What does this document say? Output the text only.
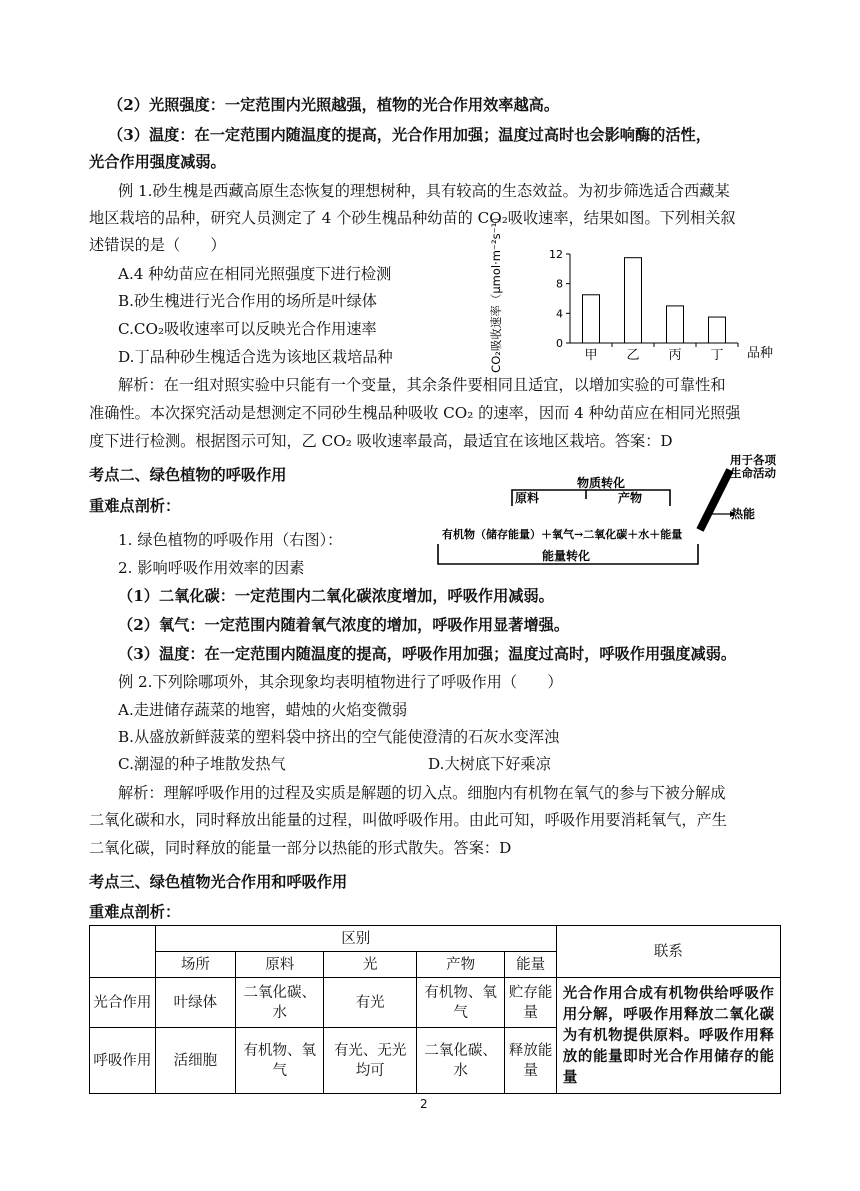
（2）光照强度：一定范围内光照越强，植物的光合作用效率越高。
（3）温度：在一定范围内随温度的提高，光合作用加强；温度过高时也会影响酶的活性，
光合作用强度减弱。
例 1.砂生槐是西藏高原生态恢复的理想树种，具有较高的生态效益。为初步筛选适合西藏某
地区栽培的品种，研究人员测定了 4 个砂生槐品种幼苗的 CO₂吸收速率，结果如图。下列相关叙
述错误的是（　　）
A.4 种幼苗应在相同光照强度下进行检测
B.砂生槐进行光合作用的场所是叶绿体
C.CO₂吸收速率可以反映光合作用速率
D.丁品种砂生槐适合选为该地区栽培品种	CO₂吸收速率（μmol·m⁻²s⁻¹）	0
4
8
12
甲 乙 丙 丁 品种
解析：在一组对照实验中只能有一个变量，其余条件要相同且适宜，以增加实验的可靠性和
准确性。本次探究活动是想测定不同砂生槐品种吸收 CO₂ 的速率，因而 4 种幼苗应在相同光照强
度下进行检测。根据图示可知，乙 CO₂ 吸收速率最高，最适宜在该地区栽培。答案：D
考点二、绿色植物的呼吸作用
重难点剖析：
1. 绿色植物的呼吸作用（右图）：
2. 影响呼吸作用效率的因素
（1）二氧化碳：一定范围内二氧化碳浓度增加，呼吸作用减弱。
（2）氧气：一定范围内随着氧气浓度的增加，呼吸作用显著增强。
（3）温度：在一定范围内随温度的提高，呼吸作用加强；温度过高时，呼吸作用强度减弱。
物质转化
原料	产物
有机物（储存能量）＋氧气→二氧化碳＋水＋能量
能量转化
热能
用于各项 生命活动
例 2.下列除哪项外，其余现象均表明植物进行了呼吸作用（　　）
A.走进储存蔬菜的地窖，蜡烛的火焰变微弱
B.从盛放新鲜菠菜的塑料袋中挤出的空气能使澄清的石灰水变浑浊
C.潮湿的种子堆散发热气	D.大树底下好乘凉
解析：理解呼吸作用的过程及实质是解题的切入点。细胞内有机物在氧气的参与下被分解成
二氧化碳和水，同时释放出能量的过程，叫做呼吸作用。由此可知，呼吸作用要消耗氧气，产生
二氧化碳，同时释放的能量一部分以热能的形式散失。答案：D
考点三、绿色植物光合作用和呼吸作用
重难点剖析：
	区别					联系
	场所	原料	光	产物	能量	
光合作用	叶绿体	二氧化碳、水	有光	有机物、氧气	贮存能量	光合作用合成有机物供给呼吸作用分解，呼吸作用释放二氧化碳为有机物提供原料。呼吸作用释放的能量即时光合作用储存的能量
呼吸作用	活细胞	有机物、氧气	有光、无光均可	二氧化碳、水	释放能量	
2
